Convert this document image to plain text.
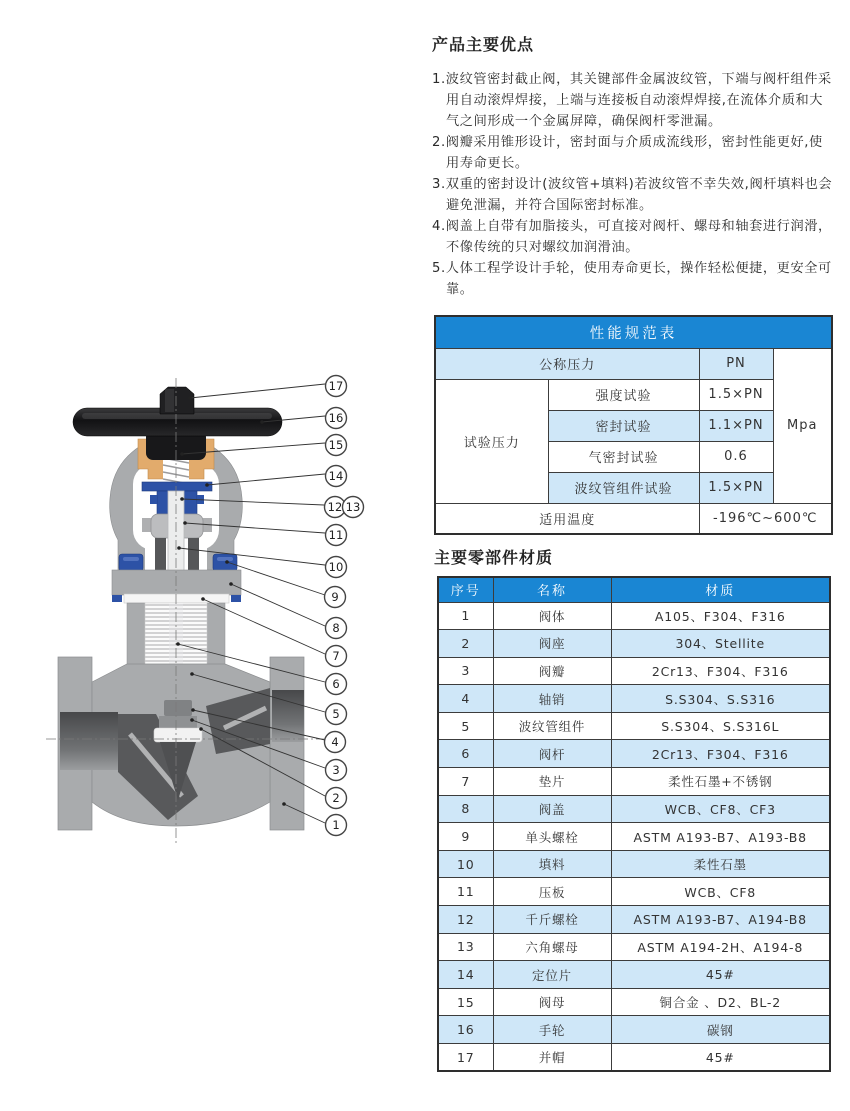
17
16
15
14
12 13
11
10
9
8
7
6
5
4
3
2
1
产品主要优点
1.波纹管密封截止阀，其关键部件金属波纹管，下端与阀杆组件采用自动滚焊焊接，上端与连接板自动滚焊焊接,在流体介质和大气之间形成一个金属屏障，确保阀杆零泄漏。
2.阀瓣采用锥形设计，密封面与介质成流线形，密封性能更好,使用寿命更长。
3.双重的密封设计(波纹管+填料)若波纹管不幸失效,阀杆填料也会避免泄漏，并符合国际密封标准。
4.阀盖上自带有加脂接头，可直接对阀杆、螺母和轴套进行润滑，不像传统的只对螺纹加润滑油。
5.人体工程学设计手轮，使用寿命更长，操作轻松便捷，更安全可靠。
性能规范表			
公称压力		PN	Mpa
试验压力	强度试验	1.5×PN	
	密封试验	1.1×PN	
	气密封试验	0.6	
	波纹管组件试验	1.5×PN	
适用温度		-196℃~600℃	
主要零部件材质
序号	名称	材质
1	阀体	A105、F304、F316
2	阀座	304、Stellite
3	阀瓣	2Cr13、F304、F316
4	轴销	S.S304、S.S316
5	波纹管组件	S.S304、S.S316L
6	阀杆	2Cr13、F304、F316
7	垫片	柔性石墨+不锈钢
8	阀盖	WCB、CF8、CF3
9	单头螺栓	ASTM A193-B7、A193-B8
10	填料	柔性石墨
11	压板	WCB、CF8
12	千斤螺栓	ASTM A193-B7、A194-B8
13	六角螺母	ASTM A194-2H、A194-8
14	定位片	45#
15	阀母	铜合金 、D2、BL-2
16	手轮	碳钢
17	并帽	45#
